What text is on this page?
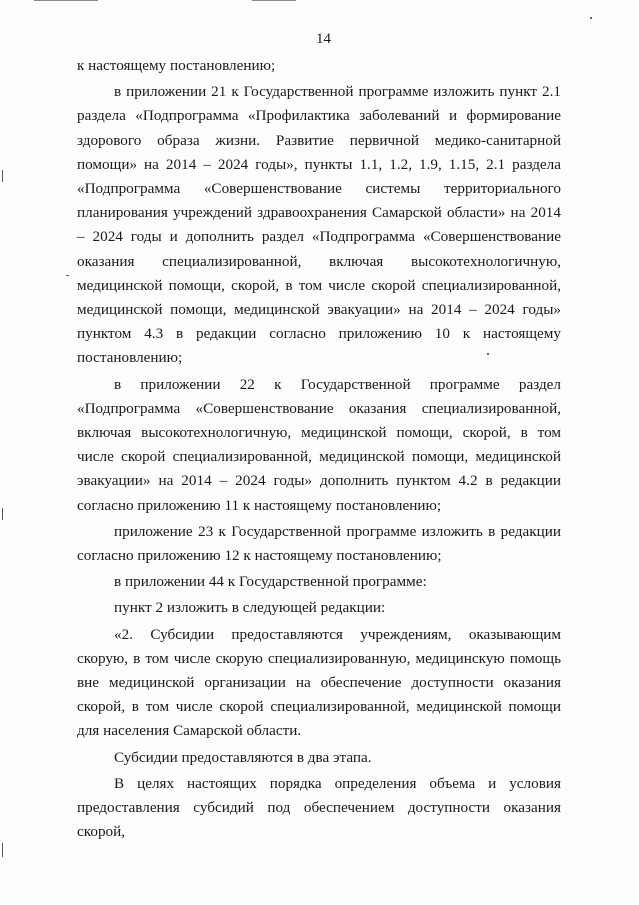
14

к настоящему постановлению;

в приложении 21 к Государственной программе изложить пункт 2.1 раздела «Подпрограмма «Профилактика заболеваний и формирование здорового образа жизни. Развитие первичной медико-санитарной помощи» на 2014 – 2024 годы», пункты 1.1, 1.2, 1.9, 1.15, 2.1 раздела «Подпрограмма «Совершенствование системы территориального планирования учреждений здравоохранения Самарской области» на 2014 – 2024 годы и дополнить раздел «Подпрограмма «Совершенствование оказания специализированной, включая высокотехнологичную, медицинской помощи, скорой, в том числе скорой специализированной, медицинской помощи, медицинской эвакуации» на 2014 – 2024 годы» пунктом 4.3 в редакции согласно приложению 10 к настоящему постановлению;

в приложении 22 к Государственной программе раздел «Подпрограмма «Совершенствование оказания специализированной, включая высокотехнологичную, медицинской помощи, скорой, в том числе скорой специализированной, медицинской помощи, медицинской эвакуации» на 2014 – 2024 годы» дополнить пунктом 4.2 в редакции согласно приложению 11 к настоящему постановлению;

приложение 23 к Государственной программе изложить в редакции согласно приложению 12 к настоящему постановлению;

в приложении 44 к Государственной программе:

пункт 2 изложить в следующей редакции:

«2. Субсидии предоставляются учреждениям, оказывающим скорую, в том числе скорую специализированную, медицинскую помощь вне медицинской организации на обеспечение доступности оказания скорой, в том числе скорой специализированной, медицинской помощи для населения Самарской области.

Субсидии предоставляются в два этапа.

В целях настоящих порядка определения объема и условия предоставления субсидий под обеспечением доступности оказания скорой,
